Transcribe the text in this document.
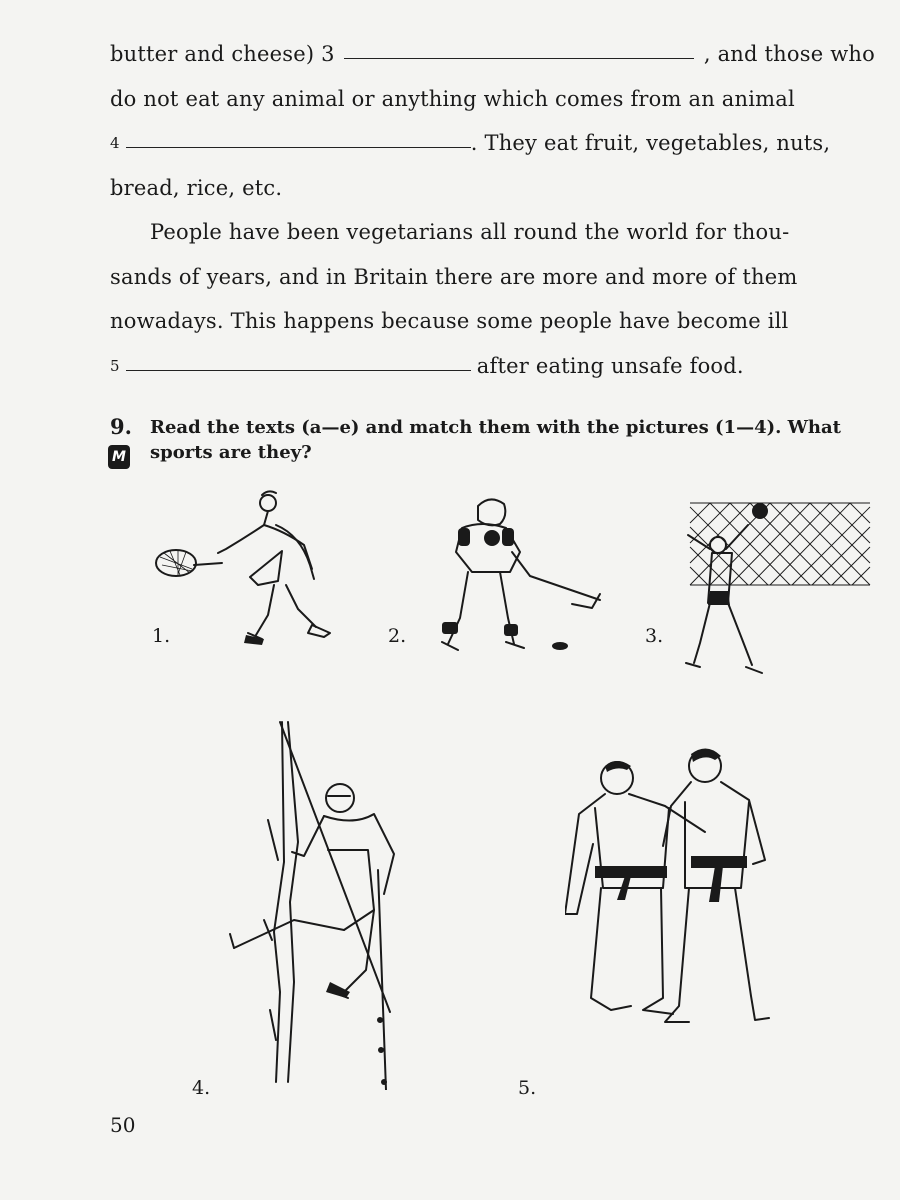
butter and cheese) 3	, and those who
do not eat any animal or anything which comes from an animal
4	. They eat fruit, vegetables, nuts,
bread, rice, etc.
People have been vegetarians all round the world for thou-
sands of years, and in Britain there are more and more of them
nowadays. This happens because some people have become ill
5	after eating unsafe food.
9. Read the texts (a—e) and match them with the pictures (1—4). What sports are they?
M
1.	2.	3.
4.	5.
50
